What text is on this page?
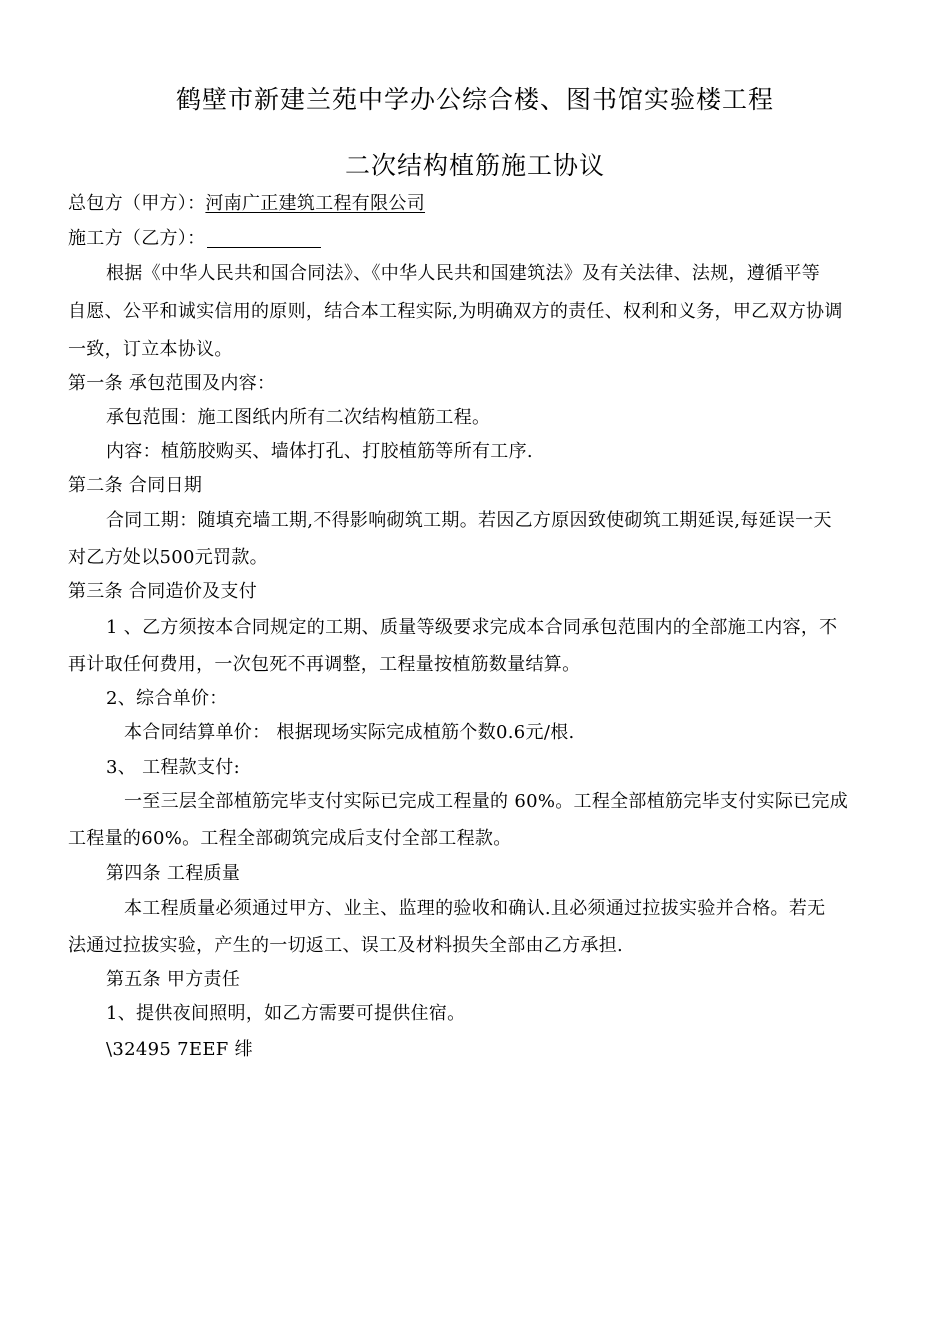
鹤壁市新建兰苑中学办公综合楼、图书馆实验楼工程
二次结构植筋施工协议
总包方（甲方）：河南广正建筑工程有限公司
施工方（乙方）：
根据《中华人民共和国合同法》、《中华人民共和国建筑法》及有关法律、法规，遵循平等
自愿、公平和诚实信用的原则，结合本工程实际,为明确双方的责任、权利和义务，甲乙双方协调
一致，订立本协议。
第一条 承包范围及内容：
承包范围：施工图纸内所有二次结构植筋工程。
内容：植筋胶购买、墙体打孔、打胶植筋等所有工序.
第二条 合同日期
合同工期：随填充墙工期,不得影响砌筑工期。若因乙方原因致使砌筑工期延误,每延误一天
对乙方处以500元罚款。
第三条 合同造价及支付
1 、乙方须按本合同规定的工期、质量等级要求完成本合同承包范围内的全部施工内容，不
再计取任何费用，一次包死不再调整，工程量按植筋数量结算。
2、综合单价：
本合同结算单价： 根据现场实际完成植筋个数0.6元/根.
3、 工程款支付:
一至三层全部植筋完毕支付实际已完成工程量的 60%。工程全部植筋完毕支付实际已完成
工程量的60%。工程全部砌筑完成后支付全部工程款。
第四条 工程质量
本工程质量必须通过甲方、业主、监理的验收和确认.且必须通过拉拔实验并合格。若无
法通过拉拔实验，产生的一切返工、误工及材料损失全部由乙方承担.
第五条 甲方责任
1、提供夜间照明，如乙方需要可提供住宿。
\32495 7EEF 绯
